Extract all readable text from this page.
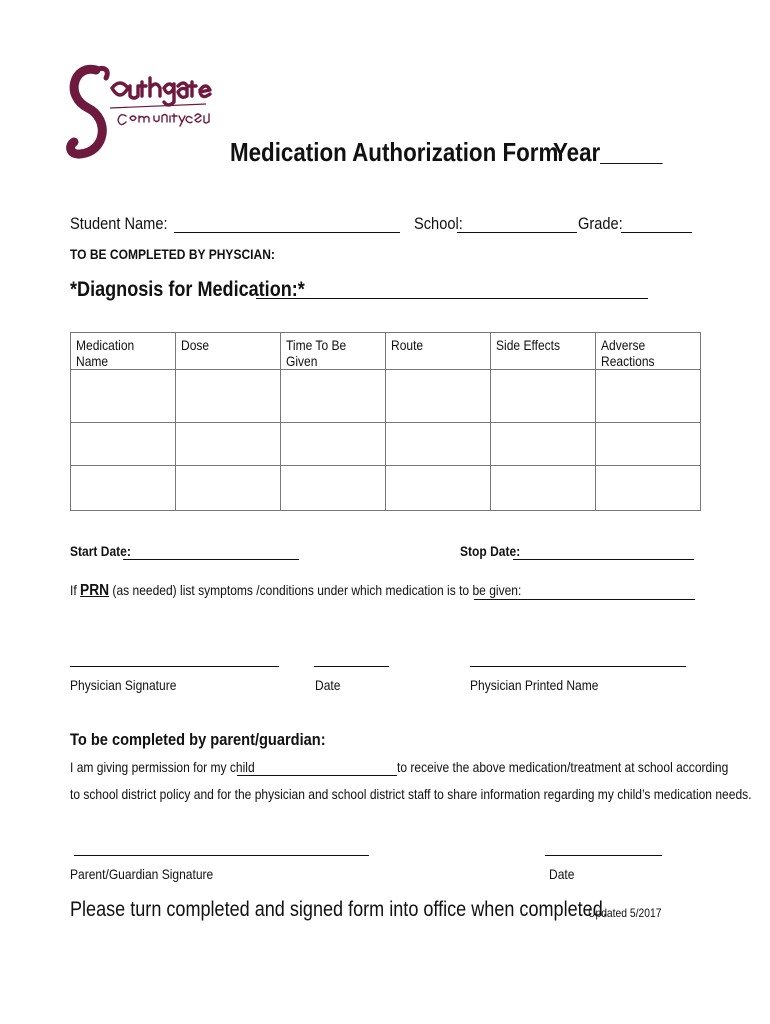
Medication Authorization Form
Year_____
Student Name:	School:	Grade:
TO BE COMPLETED BY PHYSCIAN:
*Diagnosis for Medication:*
Medication Name	Dose	Time To Be Given	Route	Side Effects	Adverse Reactions

Start Date:	Stop Date:
If PRN (as needed) list symptoms /conditions under which medication is to be given:
Physician Signature	Date	Physician Printed Name
To be completed by parent/guardian:
I am giving permission for my child	to receive the above medication/treatment at school according
to school district policy and for the physician and school district staff to share information regarding my child’s medication needs.
Parent/Guardian Signature	Date
Please turn completed and signed form into office when completed.
Updated 5/2017
